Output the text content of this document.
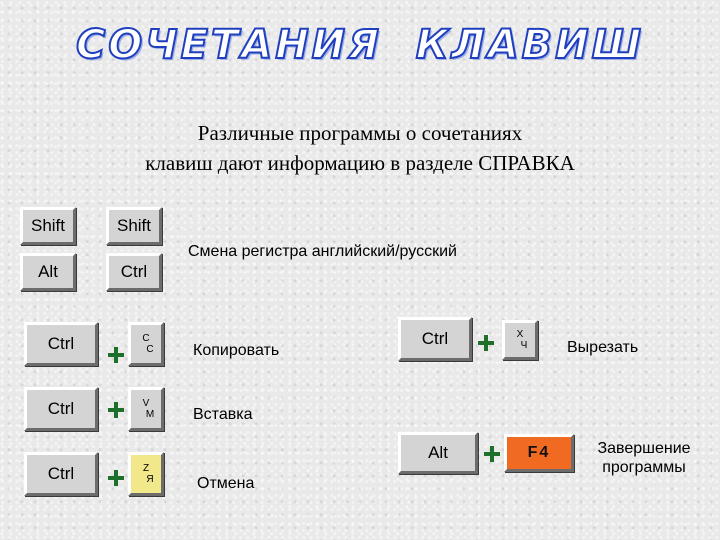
СОЧЕТАНИЯ  КЛАВИШ
Различные программы о сочетаниях
клавиш дают информацию в разделе СПРАВКА
Shift	Shift
Alt	Ctrl
Смена регистра английский/русский
Ctrl	C
С Копировать
Ctrl	V
М Вставка
Ctrl	Z
Я	Отмена
Ctrl	X
Ч Вырезать
Alt	F4	Завершение
программы
